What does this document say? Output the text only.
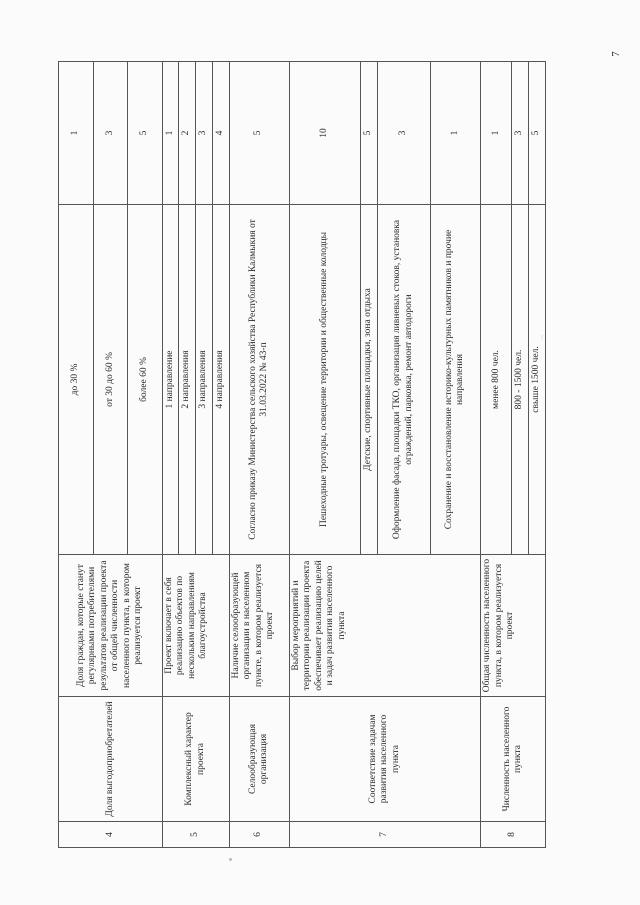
7
~
4	Доля выгодоприобретателей	Доля граждан, которые станут регулярными потребителями результатов реализации проекта от общей численности населенного пункта, в котором реализуется проект	до 30 %	1
			от 30 до 60 %	3
			более 60 %	5
5	Комплексный характер проекта	Проект включает в себя реализацию объектов по нескольким направлениям благоустройства	1 направление	1
			2 направления	2
			3 направления	3
			4 направления	4
6	Селообразующая организация	Наличие селообразующей организации в населенном пункте, в котором реализуется проект	Согласно приказу Министерства сельского хозяйства Республики Калмыкия от 31.03.2022 № 43-п	5
7	Соответствие задачам развития населенного пункта	Выбор мероприятий и территории реализации проекта обеспечивает реализацию целей и задач развития населенного пункта	Пешеходные тротуары, освещение территории и общественные колодцы	10
			Детские, спортивные площадки, зона отдыха	5
			Оформление фасада, площадки ТКО, организация ливневых стоков, установка ограждений, парковка, ремонт автодороги	3
			Сохранение и восстановление историко-культурных памятников и прочие направления	1
8	Численность населенного пункта	Общая численность населенного пункта, в котором реализуется проект	менее 800 чел.	1
			800 - 1500 чел.	3
			свыше 1500 чел.	5
